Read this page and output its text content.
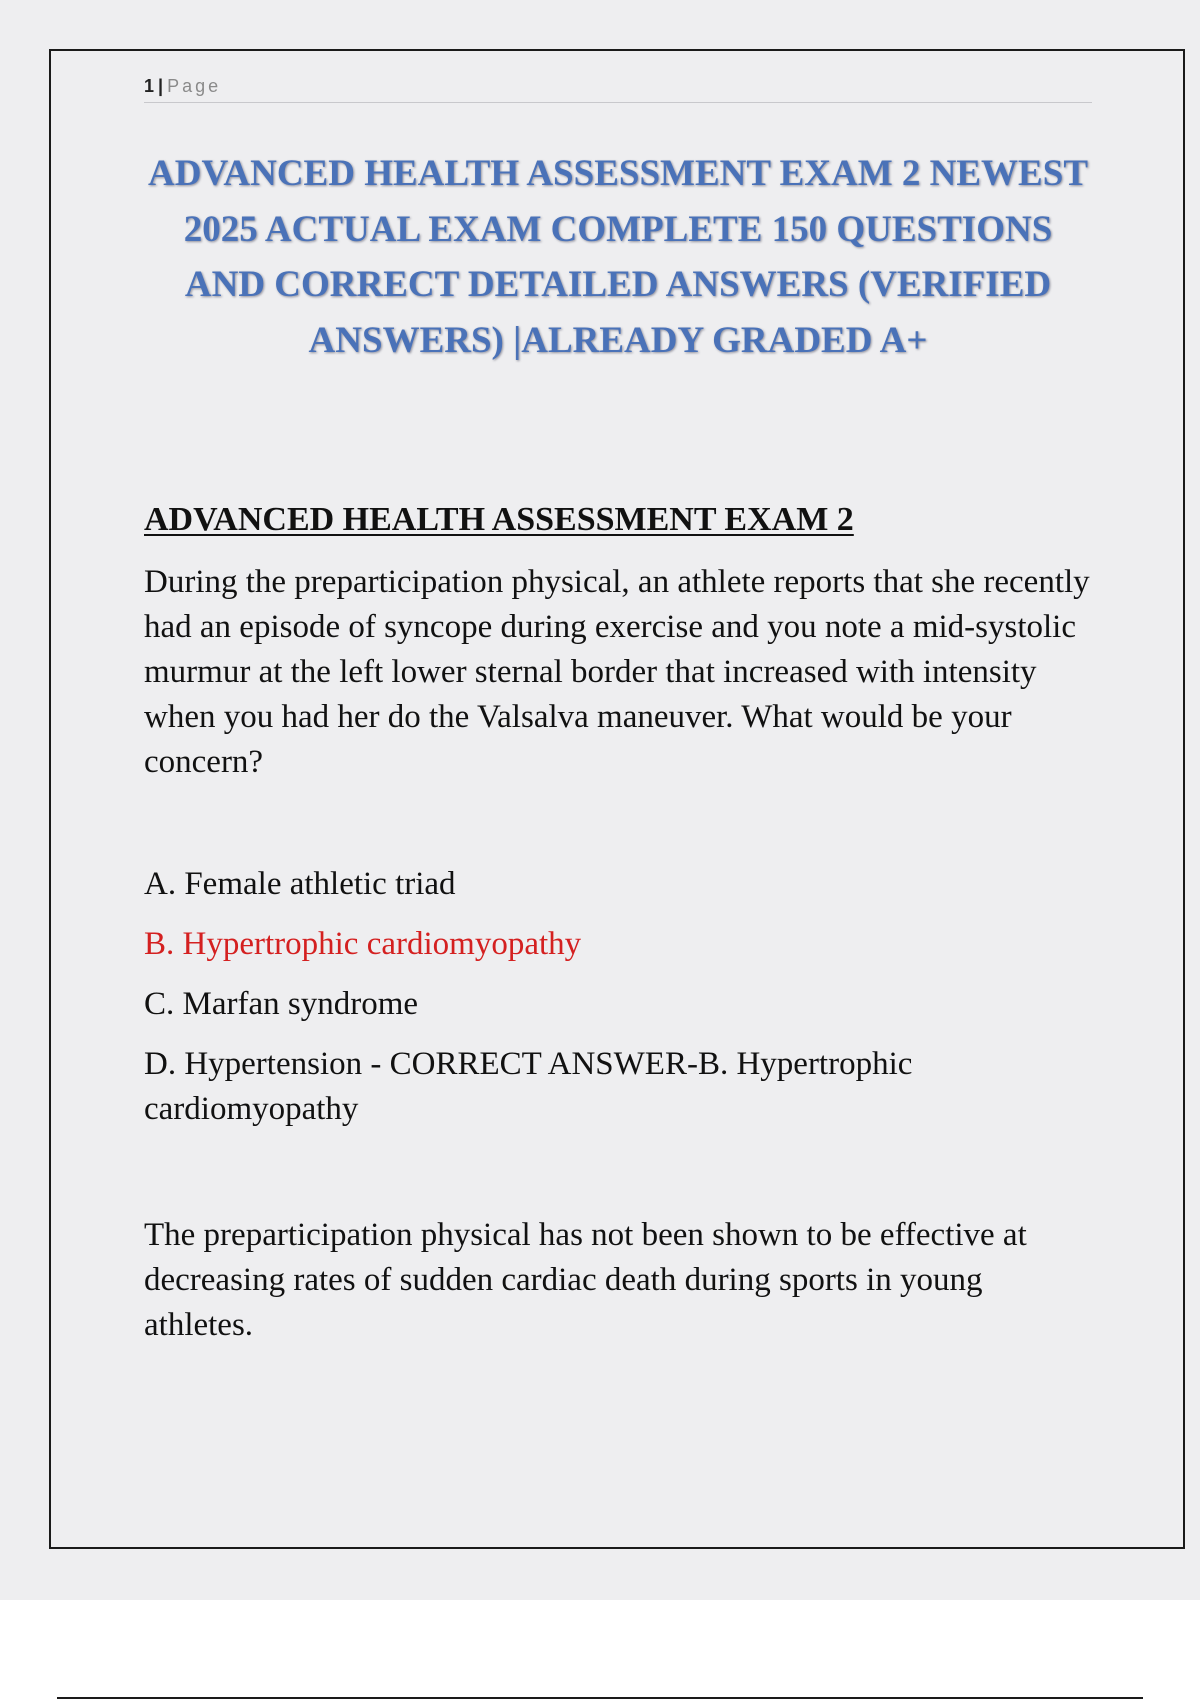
1 | Page
ADVANCED HEALTH ASSESSMENT EXAM 2 NEWEST 2025 ACTUAL EXAM COMPLETE 150 QUESTIONS AND CORRECT DETAILED ANSWERS (VERIFIED ANSWERS) |ALREADY GRADED A+
ADVANCED HEALTH ASSESSMENT EXAM 2

During the preparticipation physical, an athlete reports that she recently had an episode of syncope during exercise and you note a mid-systolic murmur at the left lower sternal border that increased with intensity when you had her do the Valsalva maneuver. What would be your concern?

A. Female athletic triad
B. Hypertrophic cardiomyopathy
C. Marfan syndrome
D. Hypertension - CORRECT ANSWER-B. Hypertrophic cardiomyopathy

The preparticipation physical has not been shown to be effective at decreasing rates of sudden cardiac death during sports in young athletes.
